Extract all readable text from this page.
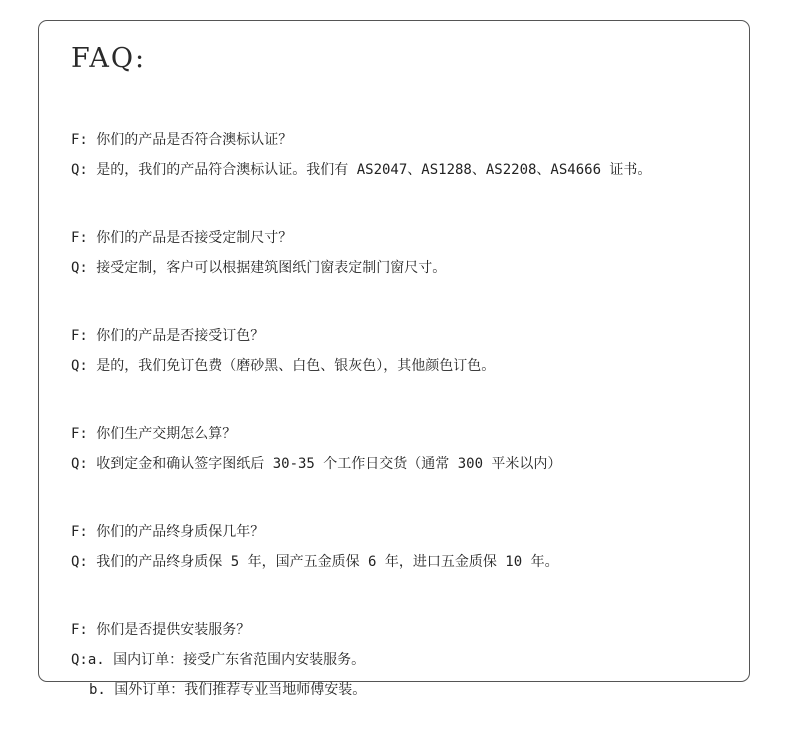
FAQ:
F: 你们的产品是否符合澳标认证？
Q: 是的，我们的产品符合澳标认证。我们有 AS2047、AS1288、AS2208、AS4666 证书。
F: 你们的产品是否接受定制尺寸？
Q: 接受定制，客户可以根据建筑图纸门窗表定制门窗尺寸。
F: 你们的产品是否接受订色？
Q: 是的，我们免订色费（磨砂黑、白色、银灰色），其他颜色订色。
F: 你们生产交期怎么算？
Q: 收到定金和确认签字图纸后 30-35 个工作日交货（通常 300 平米以内）
F: 你们的产品终身质保几年？
Q: 我们的产品终身质保 5 年，国产五金质保 6 年，进口五金质保 10 年。
F: 你们是否提供安装服务？
Q:a. 国内订单：接受广东省范围内安装服务。
b. 国外订单：我们推荐专业当地师傅安装。
